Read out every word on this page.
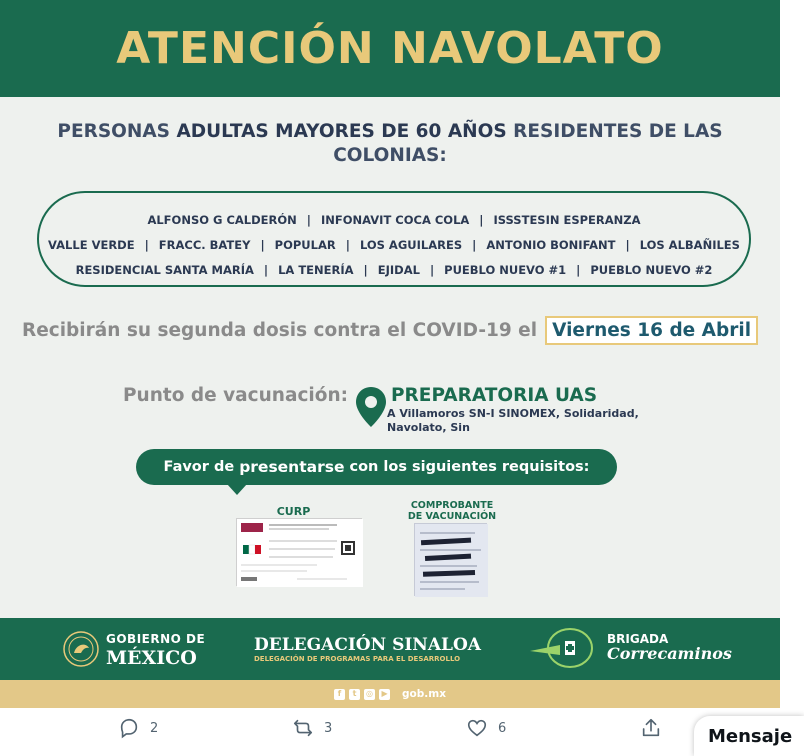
ATENCIÓN NAVOLATO
PERSONAS ADULTAS MAYORES DE 60 AÑOS RESIDENTES DE LAS COLONIAS:
ALFONSO G CALDERÓN | INFONAVIT COCA COLA | ISSSTESIN ESPERANZA
VALLE VERDE | FRACC. BATEY | POPULAR | LOS AGUILARES | ANTONIO BONIFANT | LOS ALBAÑILES
RESIDENCIAL SANTA MARÍA | LA TENERÍA | EJIDAL | PUEBLO NUEVO #1 | PUEBLO NUEVO #2
Recibirán su segunda dosis contra el COVID-19 el Viernes 16 de Abril
Punto de vacunación: PREPARATORIA UAS
A Villamoros SN-I SINOMEX, Solidaridad,
Navolato, Sin
Favor de presentarse con los siguientes requisitos:
CURP	COMPROBANTE
DE VACUNACIÓN
GOBIERNO DE
MÉXICO
DELEGACIÓN SINALOA
DELEGACIÓN DE PROGRAMAS PARA EL DESARROLLO
BRIGADA
Correcaminos
f	t	◎	▶ gob.mx
2	3	6	Mensaje
